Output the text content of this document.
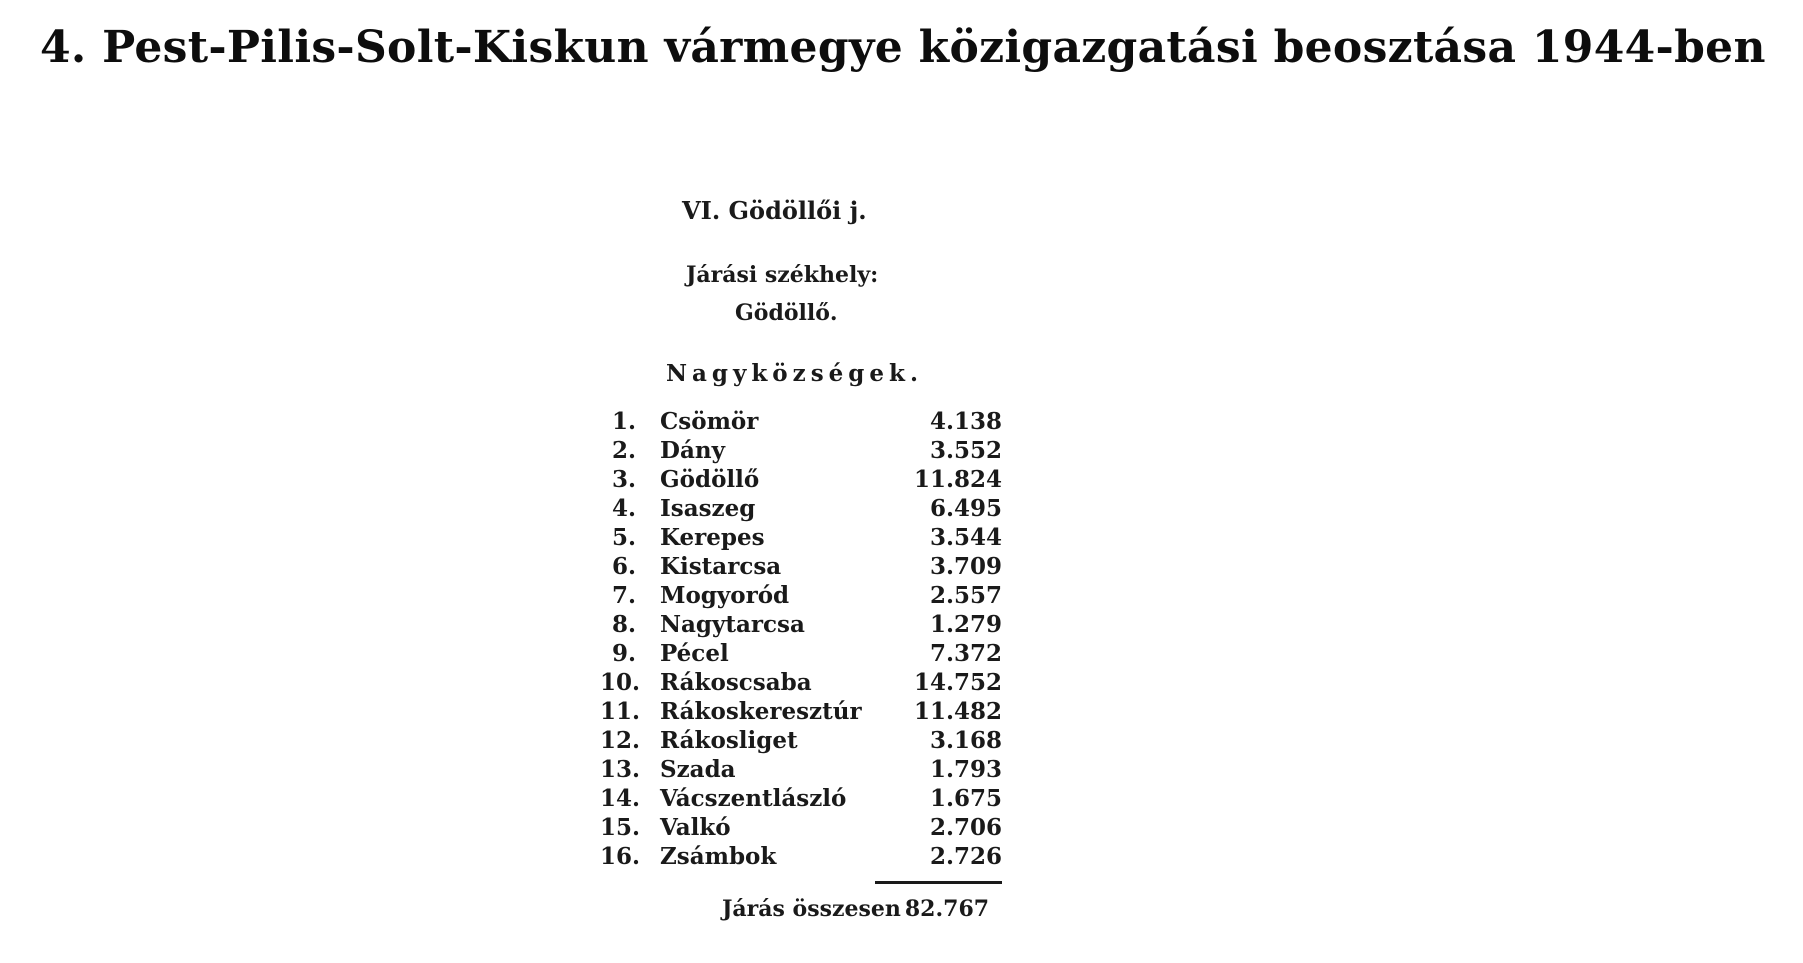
4. Pest-Pilis-Solt-Kiskun vármegye közigazgatási beosztása 1944-ben
VI. Gödöllői j.
Járási székhely:
Gödöllő.
Nagyközségek.
1.	Csömör	4.138
2.	Dány	3.552
3.	Gödöllő	11.824
4.	Isaszeg	6.495
5.	Kerepes	3.544
6.	Kistarcsa	3.709
7.	Mogyoród	2.557
8.	Nagytarcsa	1.279
9.	Pécel	7.372
10. Rákoscsaba	14.752
11. Rákoskeresztúr	11.482
12. Rákosliget	3.168
13. Szada	1.793
14. Vácszentlászló	1.675
15. Valkó	2.706
16. Zsámbok	2.726
Járás összesen 82.767
